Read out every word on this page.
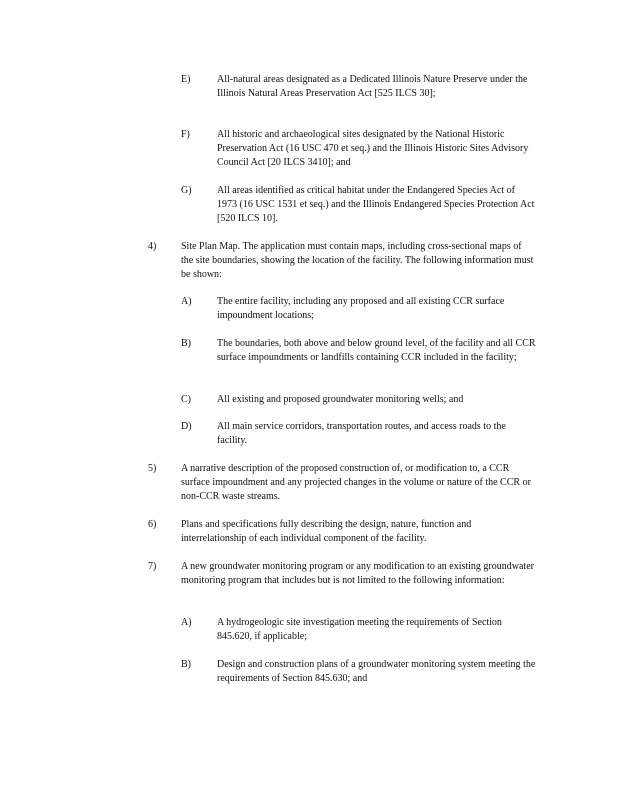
E)	All-natural areas designated as a Dedicated Illinois Nature Preserve under the Illinois Natural Areas Preservation Act [525 ILCS 30];
F)	All historic and archaeological sites designated by the National Historic Preservation Act (16 USC 470 et seq.) and the Illinois Historic Sites Advisory Council Act [20 ILCS 3410]; and
G)	All areas identified as critical habitat under the Endangered Species Act of 1973 (16 USC 1531 et seq.) and the Illinois Endangered Species Protection Act [520 ILCS 10].
4) Site Plan Map. The application must contain maps, including cross-sectional maps of the site boundaries, showing the location of the facility. The following information must be shown:
A)	The entire facility, including any proposed and all existing CCR surface impoundment locations;
B)	The boundaries, both above and below ground level, of the facility and all CCR surface impoundments or landfills containing CCR included in the facility;
C)	All existing and proposed groundwater monitoring wells; and
D)	All main service corridors, transportation routes, and access roads to the facility.
5) A narrative description of the proposed construction of, or modification to, a CCR surface impoundment and any projected changes in the volume or nature of the CCR or non-CCR waste streams.
6) Plans and specifications fully describing the design, nature, function and interrelationship of each individual component of the facility.
7) A new groundwater monitoring program or any modification to an existing groundwater monitoring program that includes but is not limited to the following information:
A)	A hydrogeologic site investigation meeting the requirements of Section 845.620, if applicable;
B)	Design and construction plans of a groundwater monitoring system meeting the requirements of Section 845.630; and
